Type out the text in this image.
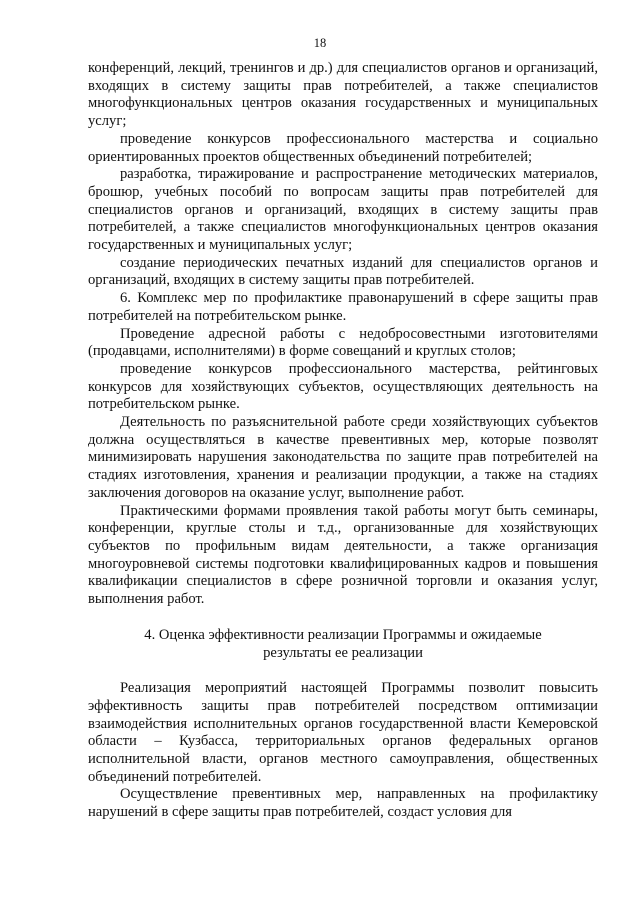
18

конференций, лекций, тренингов и др.) для специалистов органов и организаций, входящих в систему защиты прав потребителей, а также специалистов многофункциональных центров оказания государственных и муниципальных услуг;

проведение конкурсов профессионального мастерства и социально ориентированных проектов общественных объединений потребителей;

разработка, тиражирование и распространение методических материалов, брошюр, учебных пособий по вопросам защиты прав потребителей для специалистов органов и организаций, входящих в систему защиты прав потребителей, а также специалистов многофункциональных центров оказания государственных и муниципальных услуг;

создание периодических печатных изданий для специалистов органов и организаций, входящих в систему защиты прав потребителей.

6. Комплекс мер по профилактике правонарушений в сфере защиты прав потребителей на потребительском рынке.

Проведение адресной работы с недобросовестными изготовителями (продавцами, исполнителями) в форме совещаний и круглых столов;

проведение конкурсов профессионального мастерства, рейтинговых конкурсов для хозяйствующих субъектов, осуществляющих деятельность на потребительском рынке.

Деятельность по разъяснительной работе среди хозяйствующих субъектов должна осуществляться в качестве превентивных мер, которые позволят минимизировать нарушения законодательства по защите прав потребителей на стадиях изготовления, хранения и реализации продукции, а также на стадиях заключения договоров на оказание услуг, выполнение работ.

Практическими формами проявления такой работы могут быть семинары, конференции, круглые столы и т.д., организованные для хозяйствующих субъектов по профильным видам деятельности, а также организация многоуровневой системы подготовки квалифицированных кадров и повышения квалификации специалистов в сфере розничной торговли и оказания услуг, выполнения работ.

4. Оценка эффективности реализации Программы и ожидаемые результаты ее реализации

Реализация мероприятий настоящей Программы позволит повысить эффективность защиты прав потребителей посредством оптимизации взаимодействия исполнительных органов государственной власти Кемеровской области – Кузбасса, территориальных органов федеральных органов исполнительной власти, органов местного самоуправления, общественных объединений потребителей.

Осуществление превентивных мер, направленных на профилактику нарушений в сфере защиты прав потребителей, создаст условия для
